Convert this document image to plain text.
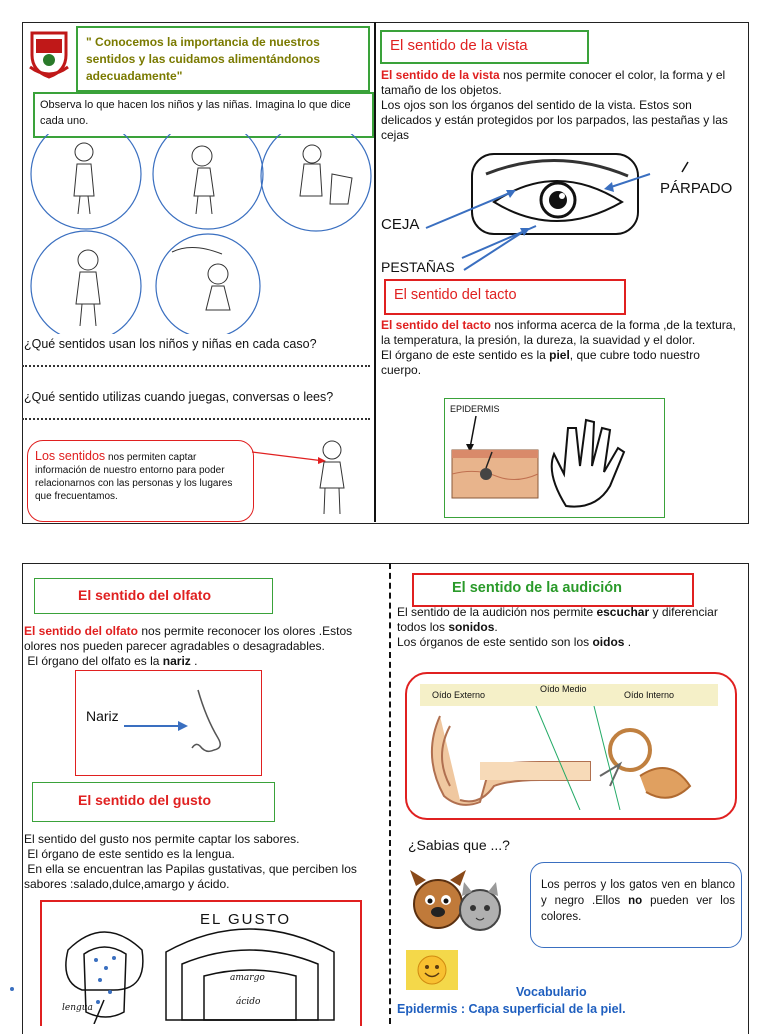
" Conocemos la importancia de nuestros sentidos y las cuidamos alimentándonos adecuadamente"
Observa lo que hacen los niños y las niñas. Imagina lo que dice cada uno.
¿Qué sentidos usan los niños y niñas en cada caso?
¿Qué sentido utilizas cuando juegas, conversas o lees?
Los sentidos nos permiten captar información de nuestro entorno para poder relacionarnos con las personas y los lugares que frecuentamos.
El sentido de la vista
El sentido de la vista nos permite conocer el color, la forma y el tamaño de los objetos.
Los ojos son los órganos del sentido de la vista. Estos son delicados y están protegidos por los parpados, las pestañas y las cejas
CEJA
PÁRPADO
PESTAÑAS
El sentido del tacto
El sentido del tacto nos informa acerca de la forma ,de la textura, la temperatura, la presión, la dureza, la suavidad y el dolor.
El órgano de este sentido es la piel, que cubre todo nuestro cuerpo.
EPIDERMIS
El sentido del olfato
El sentido del olfato nos permite reconocer los olores .Estos olores nos pueden parecer agradables o desagradables.
El órgano del olfato es la nariz .
Nariz
El sentido del gusto
El sentido del gusto nos permite captar los sabores.
El órgano de este sentido es la lengua.
En ella se encuentran las Papilas gustativas, que perciben los sabores :salado,dulce,amargo y ácido.
EL GUSTO
lengua
amargo
ácido
El sentido de la audición
El sentido de la audición nos permite escuchar y diferenciar todos los sonidos.
Los órganos de este sentido son los oidos .
Oído Externo
Oído Medio
Oído Interno
¿Sabias que ...?
Los perros y los gatos ven en blanco y negro .Ellos no pueden ver los colores.
Vocabulario
Epidermis : Capa superficial de la piel.
